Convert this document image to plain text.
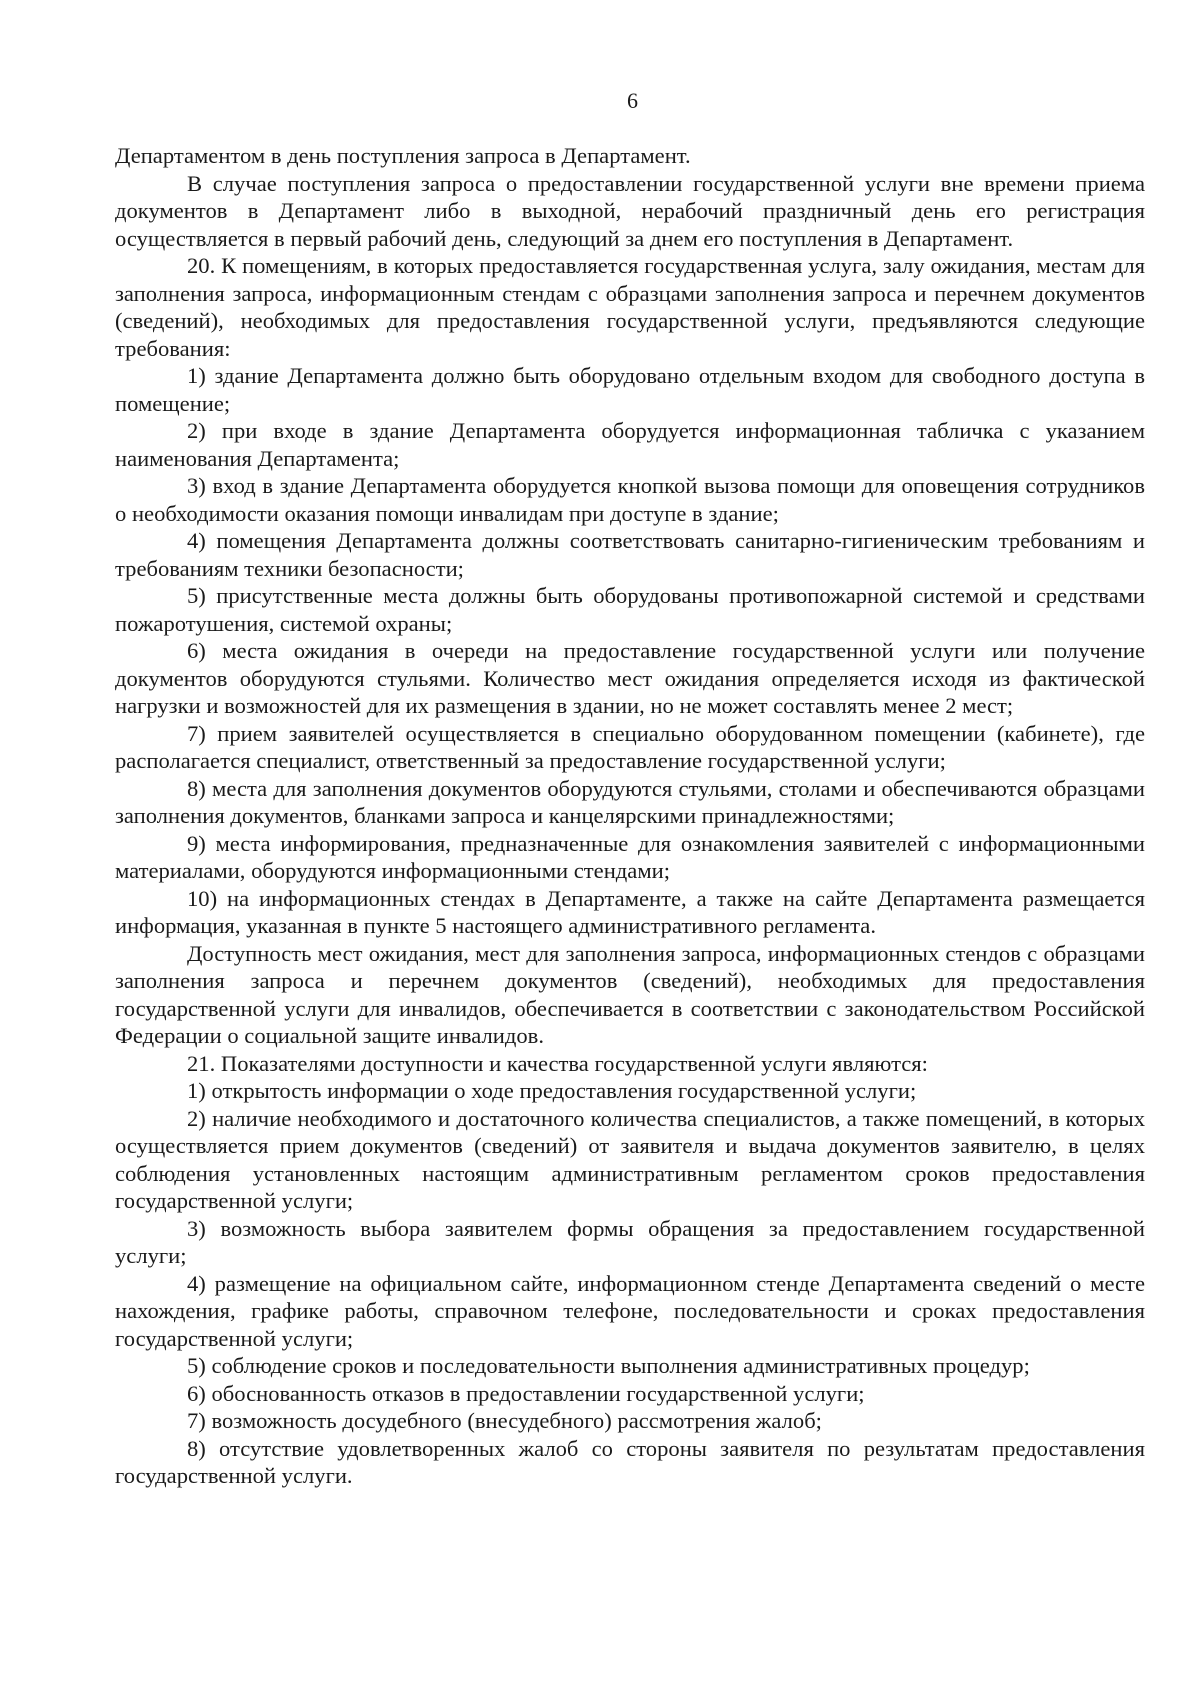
6

Департаментом в день поступления запроса в Департамент.

В случае поступления запроса о предоставлении государственной услуги вне времени приема документов в Департамент либо в выходной, нерабочий праздничный день его регистрация осуществляется в первый рабочий день, следующий за днем его поступления в Департамент.

20. К помещениям, в которых предоставляется государственная услуга, залу ожидания, местам для заполнения запроса, информационным стендам с образцами заполнения запроса и перечнем документов (сведений), необходимых для предоставления государственной услуги, предъявляются следующие требования:

1) здание Департамента должно быть оборудовано отдельным входом для свободного доступа в помещение;

2) при входе в здание Департамента оборудуется информационная табличка с указанием наименования Департамента;

3) вход в здание Департамента оборудуется кнопкой вызова помощи для оповещения сотрудников о необходимости оказания помощи инвалидам при доступе в здание;

4) помещения Департамента должны соответствовать санитарно-гигиеническим требованиям и требованиям техники безопасности;

5) присутственные места должны быть оборудованы противопожарной системой и средствами пожаротушения, системой охраны;

6) места ожидания в очереди на предоставление государственной услуги или получение документов оборудуются стульями. Количество мест ожидания определяется исходя из фактической нагрузки и возможностей для их размещения в здании, но не может составлять менее 2 мест;

7) прием заявителей осуществляется в специально оборудованном помещении (кабинете), где располагается специалист, ответственный за предоставление государственной услуги;

8) места для заполнения документов оборудуются стульями, столами и обеспечиваются образцами заполнения документов, бланками запроса и канцелярскими принадлежностями;

9) места информирования, предназначенные для ознакомления заявителей с информационными материалами, оборудуются информационными стендами;

10) на информационных стендах в Департаменте, а также на сайте Департамента размещается информация, указанная в пункте 5 настоящего административного регламента.

Доступность мест ожидания, мест для заполнения запроса, информационных стендов с образцами заполнения запроса и перечнем документов (сведений), необходимых для предоставления государственной услуги для инвалидов, обеспечивается в соответствии с законодательством Российской Федерации о социальной защите инвалидов.

21. Показателями доступности и качества государственной услуги являются:

1) открытость информации о ходе предоставления государственной услуги;

2) наличие необходимого и достаточного количества специалистов, а также помещений, в которых осуществляется прием документов (сведений) от заявителя и выдача документов заявителю, в целях соблюдения установленных настоящим административным регламентом сроков предоставления государственной услуги;

3) возможность выбора заявителем формы обращения за предоставлением государственной услуги;

4) размещение на официальном сайте, информационном стенде Департамента сведений о месте нахождения, графике работы, справочном телефоне, последовательности и сроках предоставления государственной услуги;

5) соблюдение сроков и последовательности выполнения административных процедур;

6) обоснованность отказов в предоставлении государственной услуги;

7) возможность досудебного (внесудебного) рассмотрения жалоб;

8) отсутствие удовлетворенных жалоб со стороны заявителя по результатам предоставления государственной услуги.
